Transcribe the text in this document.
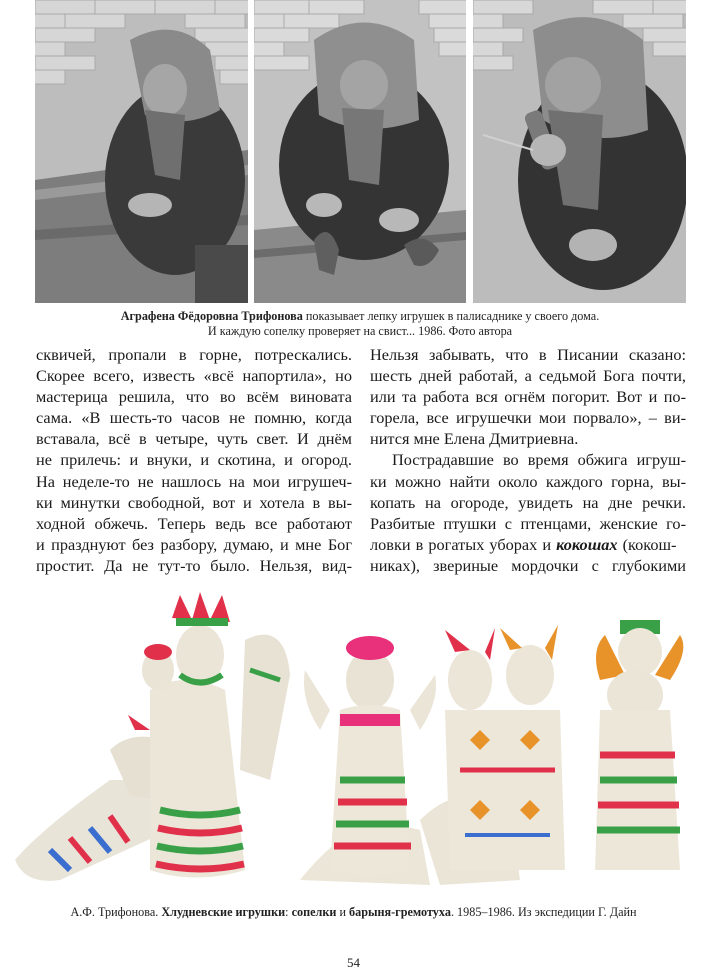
Аграфена Фёдоровна Трифонова показывает лепку игрушек в палисаднике у своего дома.
И каждую сопелку проверяет на свист... 1986. Фото автора
сквичей, пропали в горне, потрескались.
Скорее всего, известь «всё напортила», но
мастерица решила, что во всём виновата
сама. «В шесть-то часов не помню, когда
вставала, всё в четыре, чуть свет. И днём
не прилечь: и внуки, и скотина, и огород.
На неделе-то не нашлось на мои игрушеч-
ки минутки свободной, вот и хотела в вы-
ходной обжечь. Теперь ведь все работают
и празднуют без разбору, думаю, и мне Бог
простит. Да не тут-то было. Нельзя, вид-
Нельзя забывать, что в Писании сказано:
шесть дней работай, а седьмой Бога почти,
или та работа вся огнём погорит. Вот и по-
горела, все игрушечки мои порвало», – ви-
нится мне Елена Дмитриевна.
Пострадавшие во время обжига игруш-
ки можно найти около каждого горна, вы-
копать на огороде, увидеть на дне речки.
Разбитые птушки с птенцами, женские го-
ловки в рогатых уборах и кокошах (кокош-
никах), звериные мордочки с глубокими
А.Ф. Трифонова. Хлудневские игрушки: сопелки и барыня-гремотуха. 1985–1986. Из экспедиции Г. Дайн
54
